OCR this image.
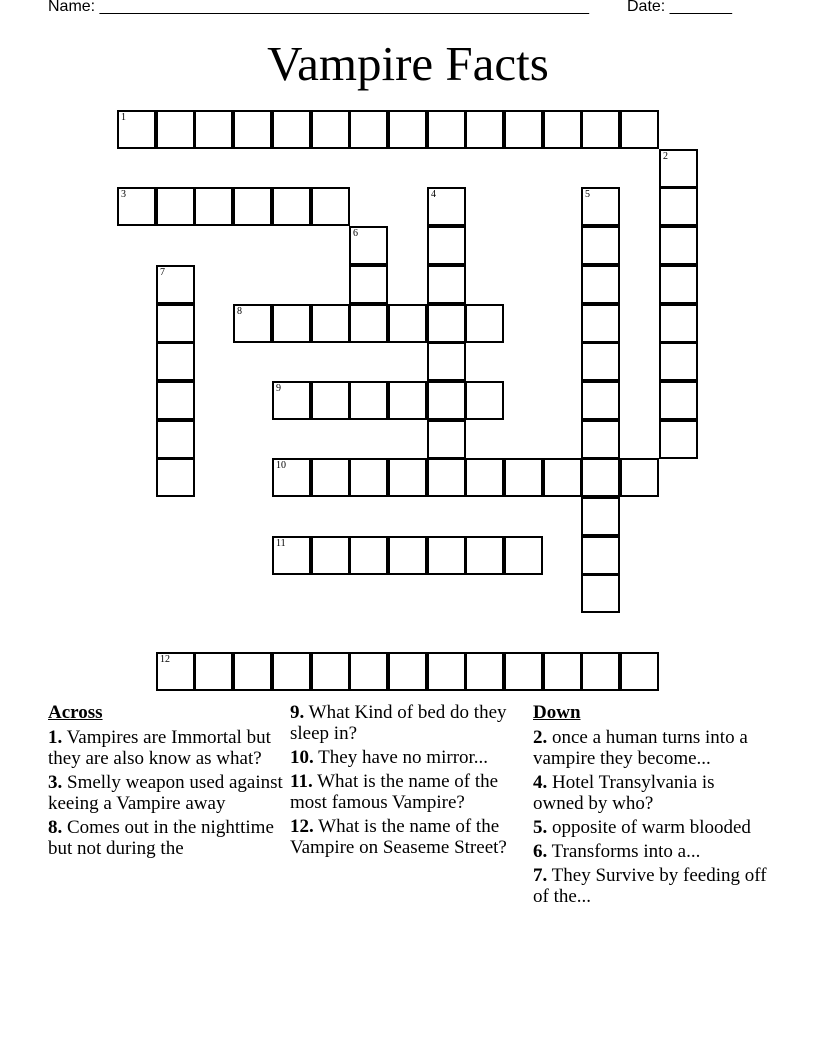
Name: _______________________________________________________ Date: _______
Vampire Facts
1
2
3	4	5
6
7
8
9
10
11
12
Across
1. Vampires are Immortal but they are also know as what?
3. Smelly weapon used against keeing a Vampire away
8. Comes out in the nighttime but not during the
9. What Kind of bed do they sleep in?
10. They have no mirror...
11. What is the name of the most famous Vampire?
12. What is the name of the Vampire on Seaseme Street?
Down
2. once a human turns into a vampire they become...
4. Hotel Transylvania is owned by who?
5. opposite of warm blooded
6. Transforms into a...
7. They Survive by feeding off of the...
